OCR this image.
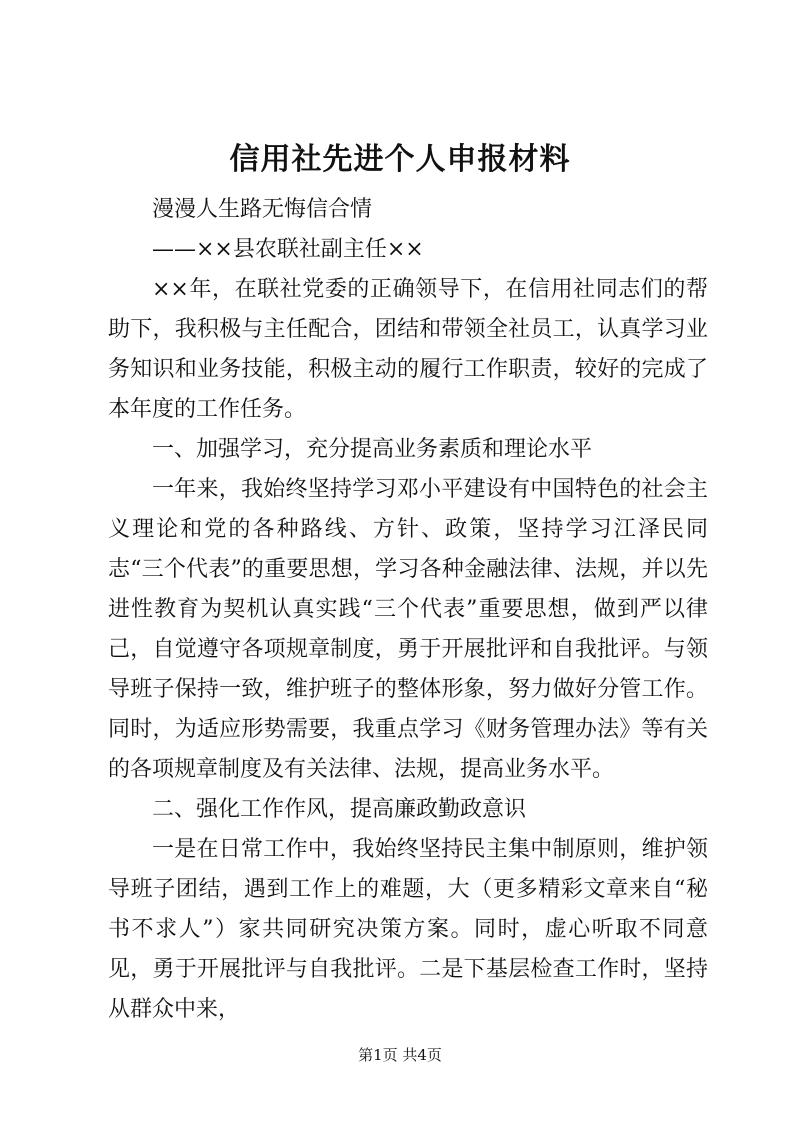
信用社先进个人申报材料

漫漫人生路无悔信合情

——××县农联社副主任××

××年，在联社党委的正确领导下，在信用社同志们的帮助下，我积极与主任配合，团结和带领全社员工，认真学习业务知识和业务技能，积极主动的履行工作职责，较好的完成了本年度的工作任务。

一、加强学习，充分提高业务素质和理论水平

一年来，我始终坚持学习邓小平建设有中国特色的社会主义理论和党的各种路线、方针、政策，坚持学习江泽民同志“三个代表”的重要思想，学习各种金融法律、法规，并以先进性教育为契机认真实践“三个代表”重要思想，做到严以律己，自觉遵守各项规章制度，勇于开展批评和自我批评。与领导班子保持一致，维护班子的整体形象，努力做好分管工作。同时，为适应形势需要，我重点学习《财务管理办法》等有关的各项规章制度及有关法律、法规，提高业务水平。

二、强化工作作风，提高廉政勤政意识

一是在日常工作中，我始终坚持民主集中制原则，维护领导班子团结，遇到工作上的难题，大（更多精彩文章来自“秘书不求人”）家共同研究决策方案。同时，虚心听取不同意见，勇于开展批评与自我批评。二是下基层检查工作时，坚持从群众中来，

第1页 共4页
